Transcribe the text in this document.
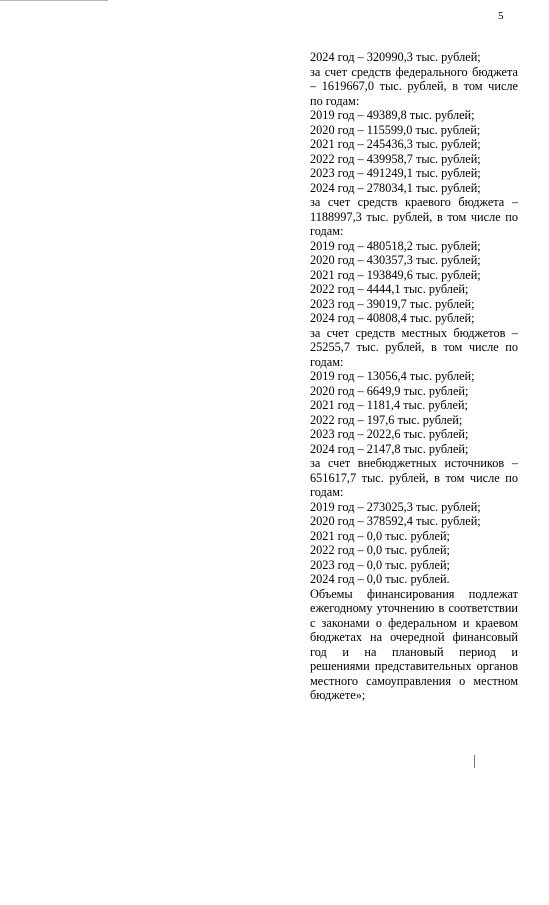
5

2024 год – 320990,3 тыс. рублей;

за счет средств федерального бюджета – 1619667,0 тыс. рублей, в том числе по годам:

2019 год – 49389,8 тыс. рублей;

2020 год – 115599,0 тыс. рублей;

2021 год – 245436,3 тыс. рублей;

2022 год – 439958,7 тыс. рублей;

2023 год – 491249,1 тыс. рублей;

2024 год – 278034,1 тыс. рублей;

за счет средств краевого бюджета – 1188997,3 тыс. рублей, в том числе по годам:

2019 год – 480518,2 тыс. рублей;

2020 год – 430357,3 тыс. рублей;

2021 год – 193849,6 тыс. рублей;

2022 год – 4444,1 тыс. рублей;

2023 год – 39019,7 тыс. рублей;

2024 год – 40808,4 тыс. рублей;

за счет средств местных бюджетов – 25255,7 тыс. рублей, в том числе по годам:

2019 год – 13056,4 тыс. рублей;

2020 год – 6649,9 тыс. рублей;

2021 год – 1181,4 тыс. рублей;

2022 год – 197,6 тыс. рублей;

2023 год – 2022,6 тыс. рублей;

2024 год – 2147,8 тыс. рублей;

за счет внебюджетных источников – 651617,7 тыс. рублей, в том числе по годам:

2019 год – 273025,3 тыс. рублей;

2020 год – 378592,4 тыс. рублей;

2021 год – 0,0 тыс. рублей;

2022 год – 0,0 тыс. рублей;

2023 год – 0,0 тыс. рублей;

2024 год – 0,0 тыс. рублей.

Объемы финансирования подлежат ежегодному уточнению в соответствии с законами о федеральном и краевом бюджетах на очередной финансовый год и на плановый период и решениями представительных органов местного самоуправления о местном бюджете»;
